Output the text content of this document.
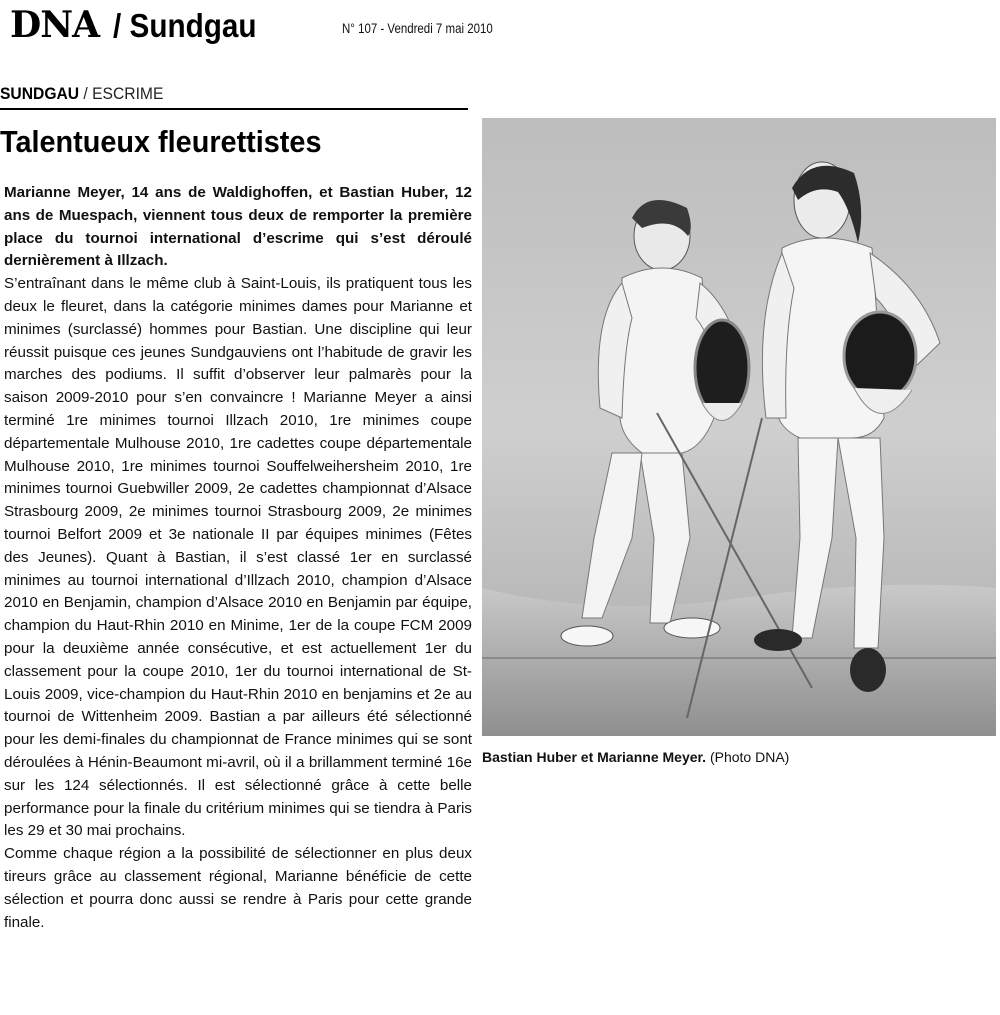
DNA / Sundgau	N° 107 - Vendredi 7 mai 2010
SUNDGAU / ESCRIME
Talentueux fleurettistes

Marianne Meyer, 14 ans de Waldighoffen, et Bastian Huber, 12 ans de Muespach, viennent tous deux de remporter la première place du tournoi international d’escrime qui s’est déroulé dernièrement à Illzach.

S’entraînant dans le même club à Saint-Louis, ils pratiquent tous les deux le fleuret, dans la catégorie minimes dames pour Marianne et minimes (surclassé) hommes pour Bastian. Une discipline qui leur réussit puisque ces jeunes Sundgauviens ont l’habitude de gravir les marches des podiums. Il suffit d’observer leur palmarès pour la saison 2009-2010 pour s’en convaincre ! Marianne Meyer a ainsi terminé 1re minimes tournoi Illzach 2010, 1re minimes coupe départementale Mulhouse 2010, 1re cadettes coupe départementale Mulhouse 2010, 1re minimes tournoi Souffelweihersheim 2010, 1re minimes tournoi Guebwiller 2009, 2e cadettes championnat d’Alsace Strasbourg 2009, 2e minimes tournoi Strasbourg 2009, 2e minimes tournoi Belfort 2009 et 3e nationale II par équipes minimes (Fêtes des Jeunes). Quant à Bastian, il s’est classé 1er en surclassé minimes au tournoi international d’Illzach 2010, champion d’Alsace 2010 en Benjamin, champion d’Alsace 2010 en Benjamin par équipe, champion du Haut-Rhin 2010 en Minime, 1er de la coupe FCM 2009 pour la deuxième année consécutive, et est actuellement 1er du classement pour la coupe 2010, 1er du tournoi international de St-Louis 2009, vice-champion du Haut-Rhin 2010 en benjamins et 2e au tournoi de Wittenheim 2009. Bastian a par ailleurs été sélectionné pour les demi-finales du championnat de France minimes qui se sont déroulées à Hénin-Beaumont mi-avril, où il a brillamment terminé 16e sur les 124 sélectionnés. Il est sélectionné grâce à cette belle performance pour la finale du critérium minimes qui se tiendra à Paris les 29 et 30 mai prochains.

Comme chaque région a la possibilité de sélectionner en plus deux tireurs grâce au classement régional, Marianne bénéficie de cette sélection et pourra donc aussi se rendre à Paris pour cette grande finale.

Bastian Huber et Marianne Meyer. (Photo DNA)
